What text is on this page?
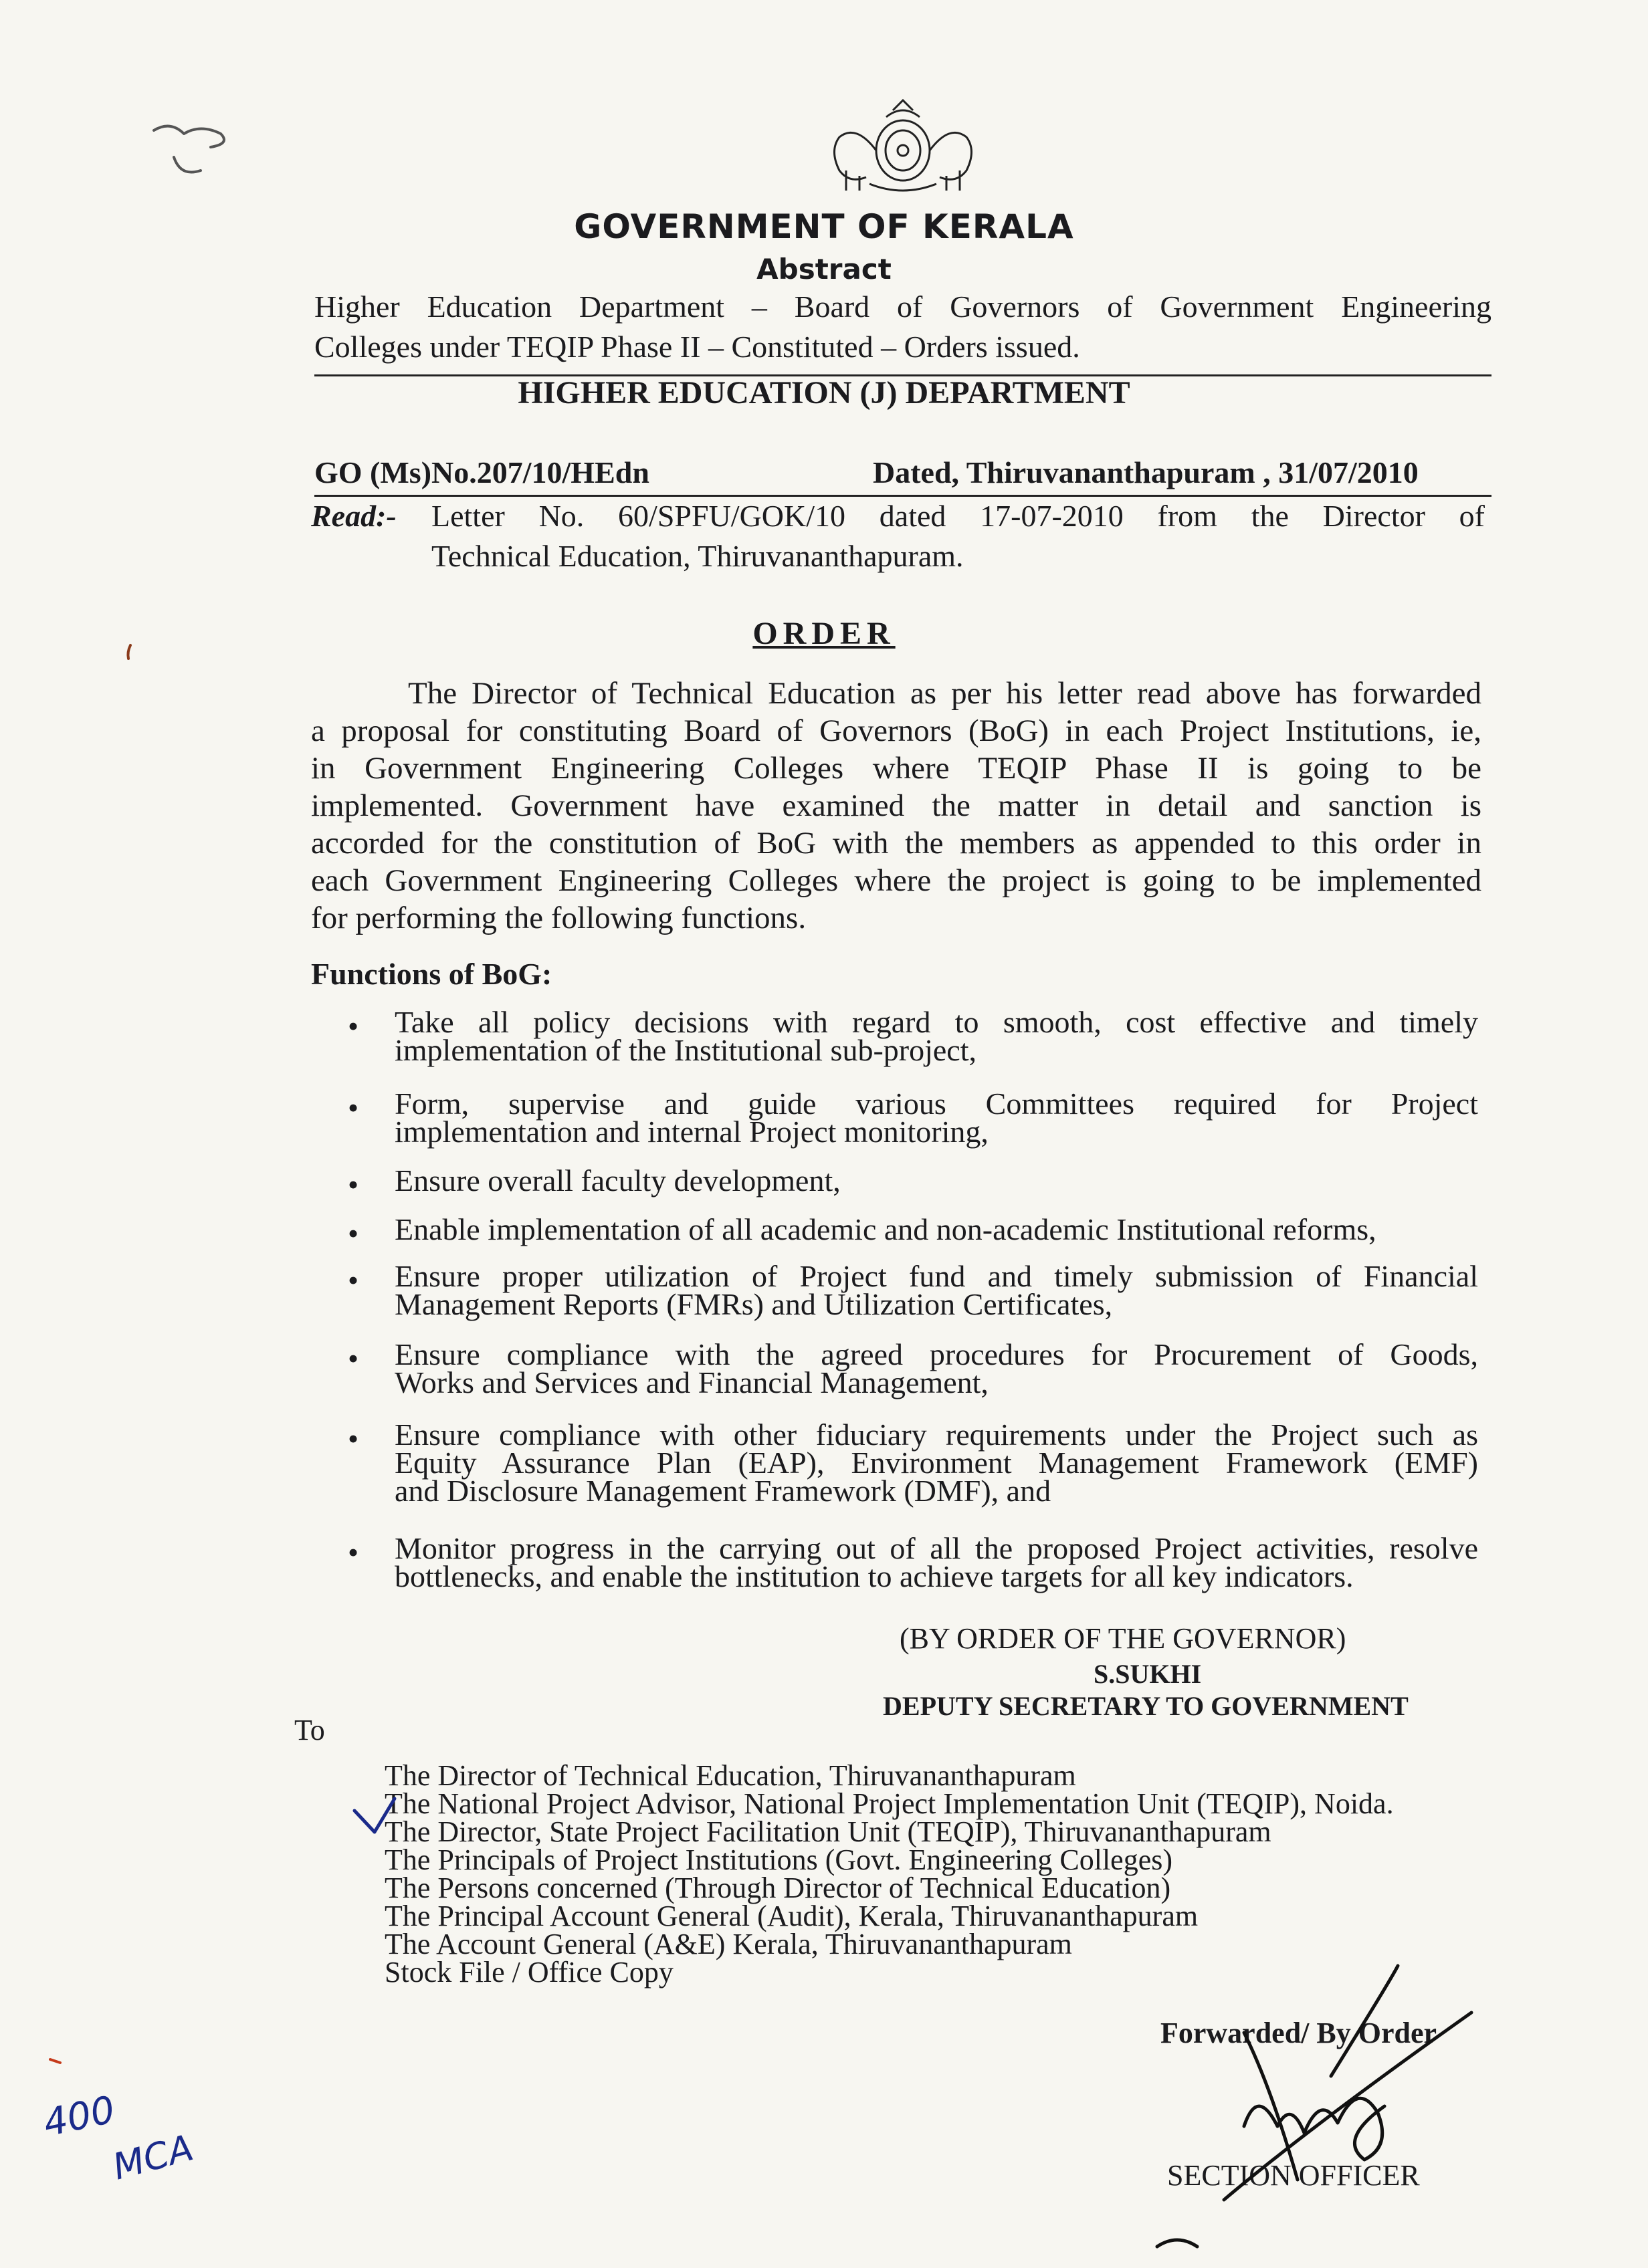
GOVERNMENT OF KERALA
Abstract
Higher Education Department – Board of Governors of Government Engineering
Colleges under TEQIP Phase II – Constituted – Orders issued.
HIGHER EDUCATION (J) DEPARTMENT
GO (Ms)No.207/10/HEdn	Dated, Thiruvananthapuram , 31/07/2010
Read:- Letter No. 60/SPFU/GOK/10 dated 17-07-2010 from the Director of
Technical Education, Thiruvananthapuram.
ORDER
The Director of Technical Education as per his letter read above has forwarded
a proposal for constituting Board of Governors (BoG) in each Project Institutions, ie,
in Government Engineering Colleges where TEQIP Phase II is going to be
implemented. Government have examined the matter in detail and sanction is
accorded for the constitution of BoG with the members as appended to this order in
each Government Engineering Colleges where the project is going to be implemented
for performing the following functions.
Functions of BoG:
• Take all policy decisions with regard to smooth, cost effective and timely
implementation of the Institutional sub-project,
• Form, supervise and guide various Committees required for Project
implementation and internal Project monitoring,
• Ensure overall faculty development,
• Enable implementation of all academic and non-academic Institutional reforms,
• Ensure proper utilization of Project fund and timely submission of Financial
Management Reports (FMRs) and Utilization Certificates,
• Ensure compliance with the agreed procedures for Procurement of Goods,
Works and Services and Financial Management,
• Ensure compliance with other fiduciary requirements under the Project such as
Equity Assurance Plan (EAP), Environment Management Framework (EMF)
and Disclosure Management Framework (DMF), and
• Monitor progress in the carrying out of all the proposed Project activities, resolve
bottlenecks, and enable the institution to achieve targets for all key indicators.
(BY ORDER OF THE GOVERNOR)
S.SUKHI
DEPUTY SECRETARY TO GOVERNMENT
To
The Director of Technical Education, Thiruvananthapuram
The National Project Advisor, National Project Implementation Unit (TEQIP), Noida.
The Director, State Project Facilitation Unit (TEQIP), Thiruvananthapuram
The Principals of Project Institutions (Govt. Engineering Colleges)
The Persons concerned (Through Director of Technical Education)
The Principal Account General (Audit), Kerala, Thiruvananthapuram
The Account General (A&E) Kerala, Thiruvananthapuram
Stock File / Office Copy
Forwarded/ By Order
SECTION OFFICER
400
MCA
